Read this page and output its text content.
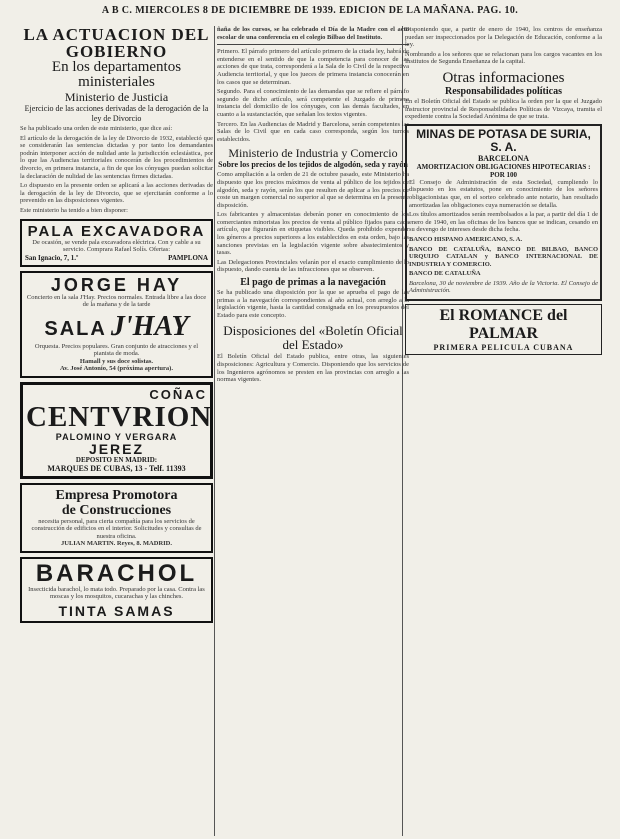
A B C. MIERCOLES 8 DE DICIEMBRE DE 1939. EDICION DE LA MAÑANA. PAG. 10.

LA ACTUACION DEL

GOBIERNO

En los departamentos ministeriales

Ministerio de Justicia

Ejercicio de las acciones derivadas de la derogación de la ley de Divorcio

Se ha publicado una orden de este ministerio, que dice así:

El artículo de la derogación de la ley de Divorcio de 1932, estableció que se considerarán las sentencias dictadas y por tanto los demandantes podrán interponer acción de nulidad ante la jurisdicción eclesiástica, por lo que las Audiencias territoriales conocerán de los procedimientos de divorcio, en primera instancia, a fin de que los cónyuges puedan solicitar la declaración de nulidad de las sentencias firmes dictadas.

Lo dispuesto en la presente orden se aplicará a las acciones derivadas de la derogación de la ley de Divorcio, que se ejercitarán conforme a lo prevenido en las disposiciones vigentes.

Este ministerio ha tenido a bien disponer:

PALA EXCAVADORA
De ocasión, se vende pala excavadora eléctrica. Con y cable a su servicio. Comprara Rafael Solís. Ofertas:
San Ignacio, 7, 1.º	PAMPLONA
JORGE HAY
Concierto en la sala J'Hay. Precios normales. Entrada libre a las doce de la mañana y de la tarde
SALA J'HAY
Orquesta. Precios populares. Gran conjunto de atracciones y el pianista de moda.
Hamall y sus doce solistas.
Av. José Antonio, 54 (próxima apertura).
COÑAC
CENTVRION
PALOMINO Y VERGARA
JEREZ
DEPOSITO EN MADRID:
MARQUES DE CUBAS, 13 - Telf. 11393
Empresa Promotora
de Construcciones
necesita personal, para cierta compañía para los servicios de construcción de edificios en el interior. Solicitudes y consultas de nuestra oficina.
JULIAN MARTIN. Reyes, 8. MADRID.
BARACHOL
Insecticida barachol, lo mata todo. Preparado por la casa. Contra las moscas y los mosquitos, cucarachas y las chinches.
TINTA SAMAS

ñaña de los cursos, se ha celebrado el Día de la Madre con el acto escolar de una conferencia en el colegio Bilbao del Instituto.

Primero. El párrafo primero del artículo primero de la citada ley, habrá de entenderse en el sentido de que la competencia para conocer de las acciones de que trata, corresponderá a la Sala de lo Civil de la respectiva Audiencia territorial, y que los jueces de primera instancia conocerán en los casos que se determinan.

Segundo. Para el conocimiento de las demandas que se refiere el párrafo segundo de dicho artículo, será competente el Juzgado de primera instancia del domicilio de los cónyuges, con las demás facultades, en cuanto a la sustanciación, que señalan los textos vigentes.

Tercero. En las Audiencias de Madrid y Barcelona, serán competentes las Salas de lo Civil que en cada caso corresponda, según los turnos establecidos.

Ministerio de Industria y Comercio

Sobre los precios de los tejidos de algodón, seda y rayón

Como ampliación a la orden de 21 de octubre pasado, este Ministerio ha dispuesto que los precios máximos de venta al público de los tejidos de algodón, seda y rayón, serán los que resulten de aplicar a los precios de coste un margen comercial no superior al que se determina en la presente disposición.

Los fabricantes y almacenistas deberán poner en conocimiento de los comerciantes minoristas los precios de venta al público fijados para cada artículo, que figurarán en etiquetas visibles. Queda prohibido expender los géneros a precios superiores a los establecidos en esta orden, bajo las sanciones previstas en la legislación vigente sobre abastecimientos y tasas.

Las Delegaciones Provinciales velarán por el exacto cumplimiento de lo dispuesto, dando cuenta de las infracciones que se observen.

El pago de primas a la navegación

Se ha publicado una disposición por la que se aprueba el pago de las primas a la navegación correspondientes al año actual, con arreglo a la legislación vigente, hasta la cantidad consignada en los presupuestos del Estado para este concepto.

Disposiciones del «Boletín Oficial del Estado»

El Boletín Oficial del Estado publica, entre otras, las siguientes disposiciones: Agricultura y Comercio. Disponiendo que los servicios de los Ingenieros agrónomos se presten en las provincias con arreglo a las normas vigentes.

Disponiendo que, a partir de enero de 1940, los centros de enseñanza puedan ser inspeccionados por la Delegación de Educación, conforme a la ley.

Nombrando a los señores que se relacionan para los cargos vacantes en los Institutos de Segunda Enseñanza de la capital.

Otras informaciones

Responsabilidades políticas

En el Boletín Oficial del Estado se publica la orden por la que el Juzgado instructor provincial de Responsabilidades Políticas de Vizcaya, tramita el expediente contra la Sociedad Anónima de que se trata.

MINAS DE POTASA DE SURIA, S. A.
BARCELONA
AMORTIZACION OBLIGACIONES HIPOTECARIAS : POR 100

El Consejo de Administración de esta Sociedad, cumpliendo lo dispuesto en los estatutos, pone en conocimiento de los señores obligacionistas que, en el sorteo celebrado ante notario, han resultado amortizadas las obligaciones cuya numeración se detalla.

Los títulos amortizados serán reembolsados a la par, a partir del día 1 de enero de 1940, en las oficinas de los bancos que se indican, cesando en su devengo de intereses desde dicha fecha.

BANCO HISPANO AMERICANO, S. A.

BANCO DE CATALUÑA, BANCO DE BILBAO, BANCO URQUIJO CATALAN y BANCO INTERNACIONAL DE INDUSTRIA Y COMERCIO.

BANCO DE CATALUÑA

Barcelona, 30 de noviembre de 1939. Año de la Victoria. El Consejo de Administración.

El ROMANCE del PALMAR
PRIMERA PELICULA CUBANA
